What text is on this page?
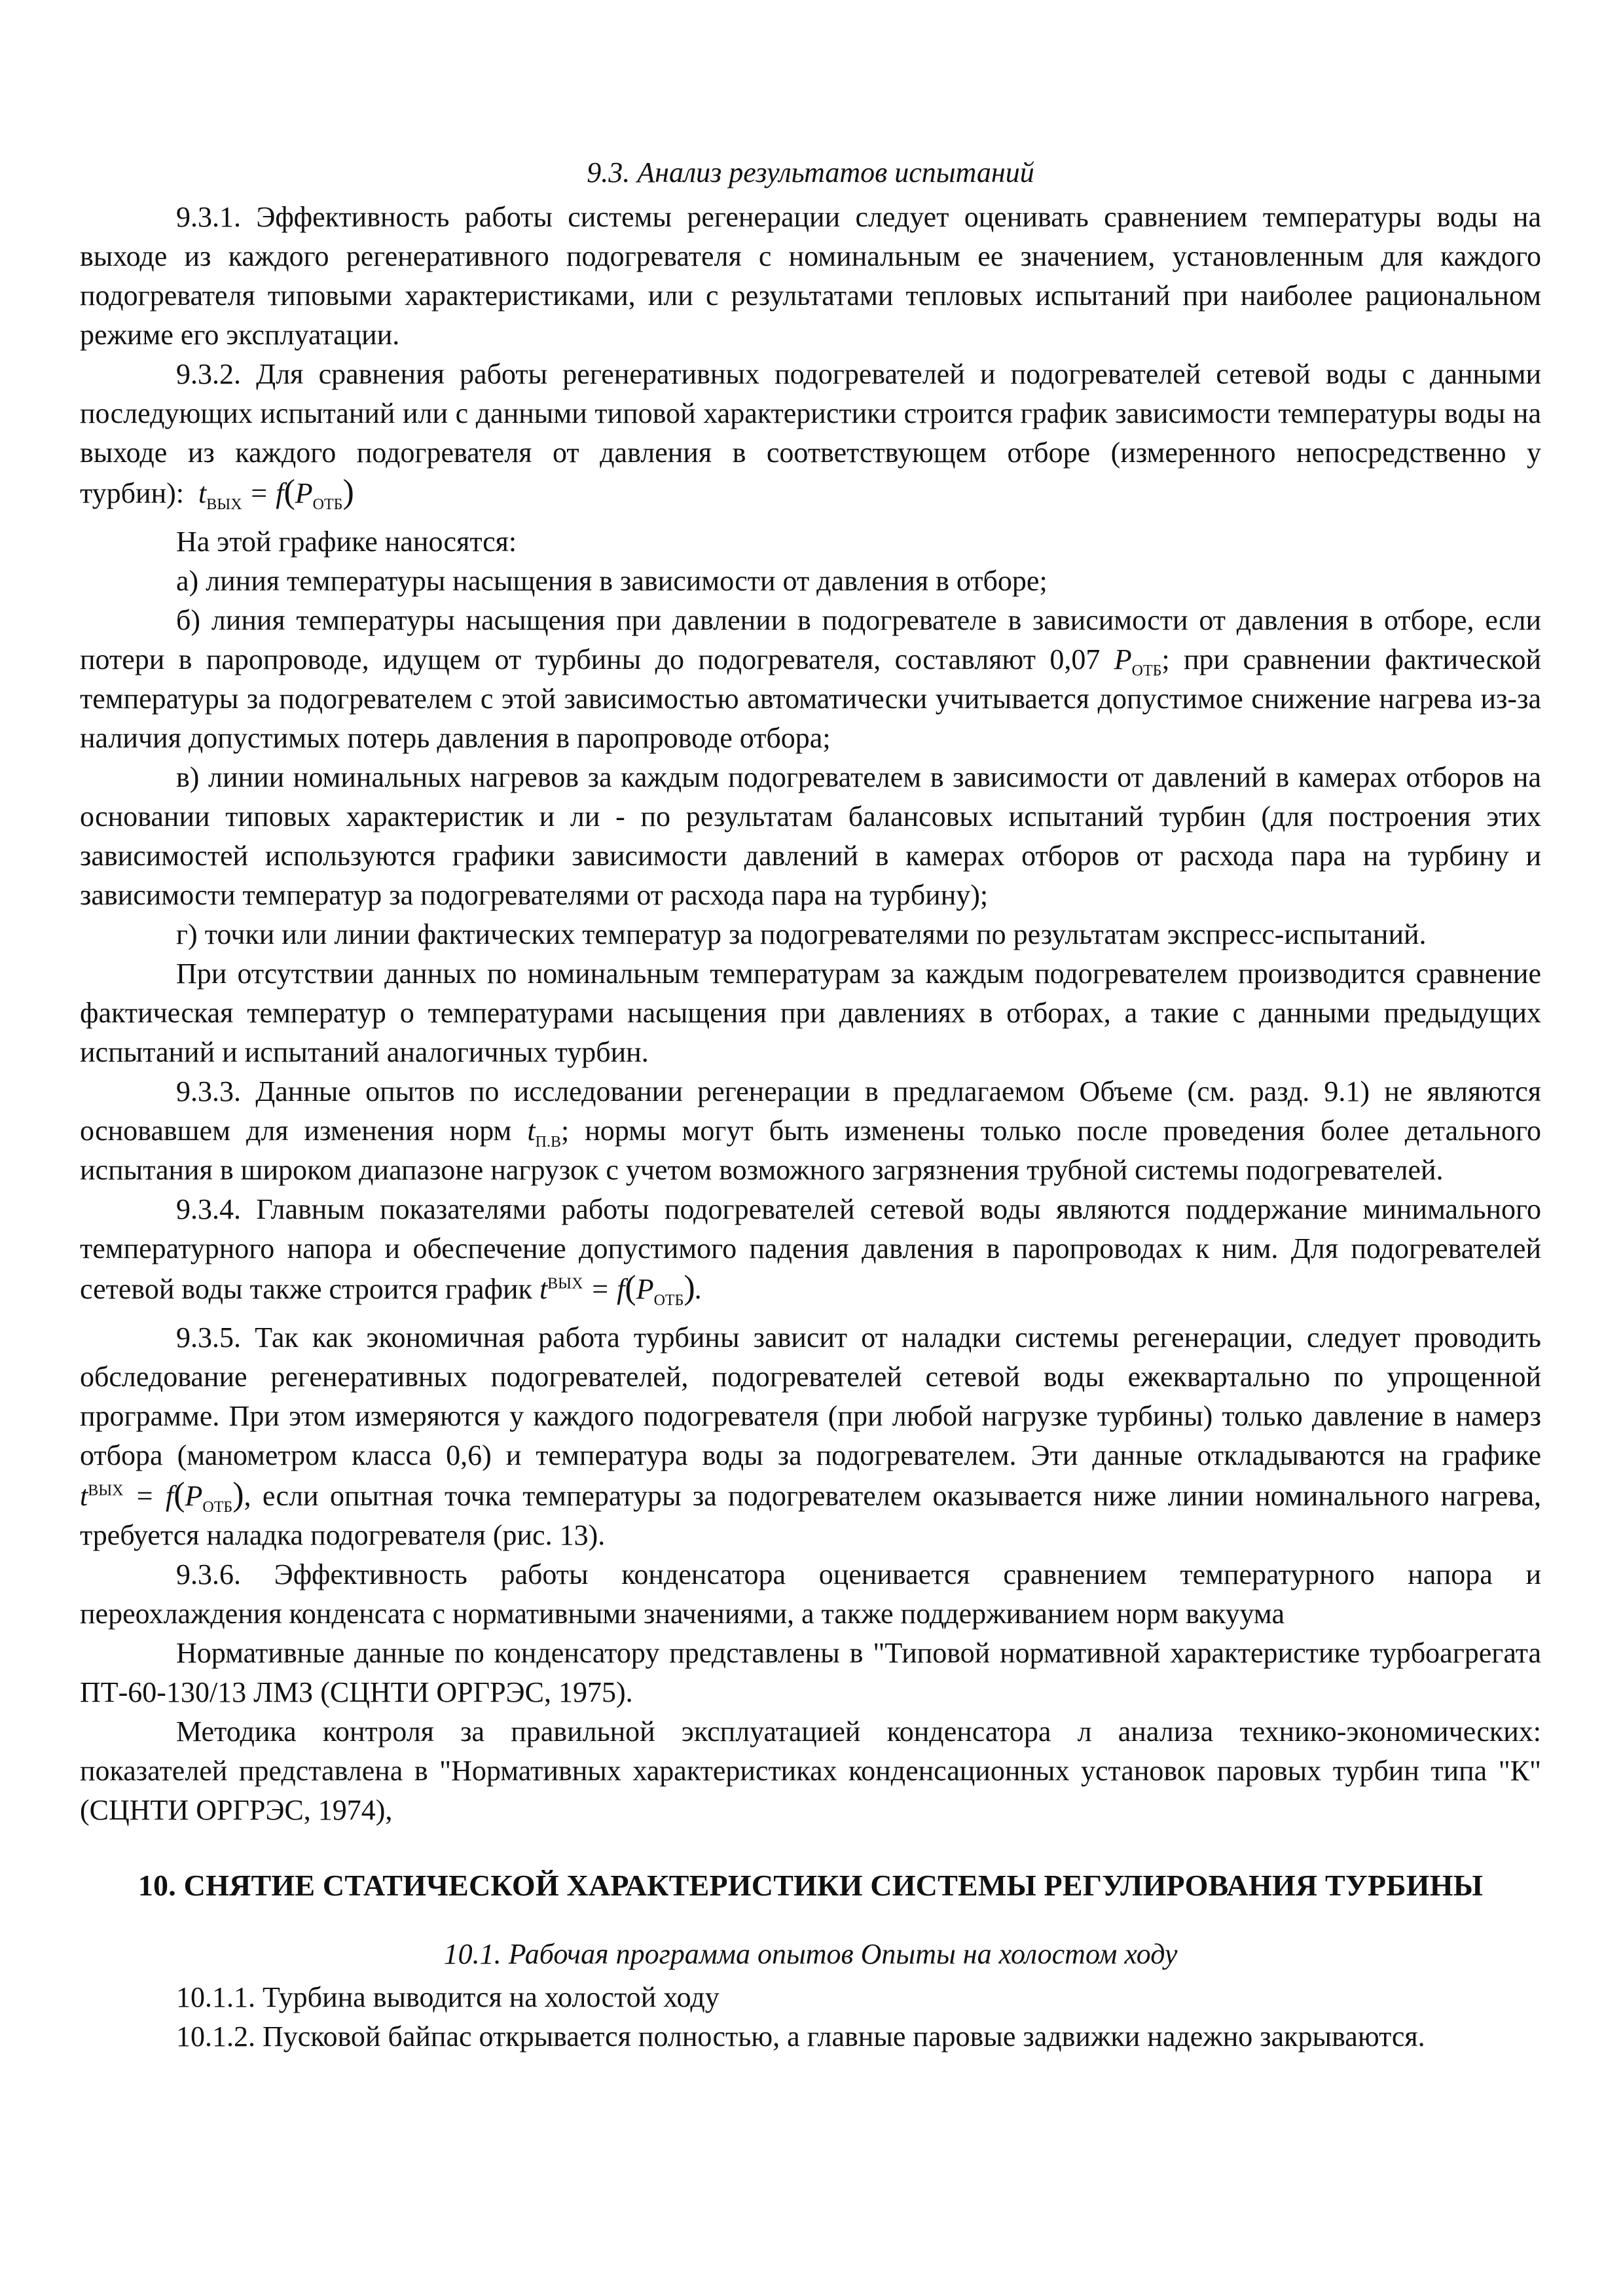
9.3. Анализ результатов испытаний

9.3.1. Эффективность работы системы регенерации следует оценивать сравнением температуры воды на выходе из каждого регенеративного подогревателя с номинальным ее значением, установленным для каждого подогревателя типовыми характеристиками, или с результатами тепловых испытаний при наиболее рациональном режиме его эксплуатации.

9.3.2. Для сравнения работы регенеративных подогревателей и подогревателей сетевой воды с данными последующих испытаний или с данными типовой характеристики строится график зависимости температуры воды на выходе из каждого подогревателя от давления в соответствующем отборе (измеренного непосредственно у турбин): $t_{ВЫХ} = f(P_{ОТБ})$

На этой графике наносятся:

а) линия температуры насыщения в зависимости от давления в отборе;

б) линия температуры насыщения при давлении в подогревателе в зависимости от давления в отборе, если потери в паропроводе, идущем от турбины до подогревателя, составляют 0,07 $P_{ОТБ}$; при сравнении фактической температуры за подогревателем с этой зависимостью автоматически учитывается допустимое снижение нагрева из-за наличия допустимых потерь давления в паропроводе отбора;

в) линии номинальных нагревов за каждым подогревателем в зависимости от давлений в камерах отборов на основании типовых характеристик и ли - по результатам балансовых испытаний турбин (для построения этих зависимостей используются графики зависимости давлений в камерах отборов от расхода пара на турбину и зависимости температур за подогревателями от расхода пара на турбину);

г) точки или линии фактических температур за подогревателями по результатам экспресс-испытаний.

При отсутствии данных по номинальным температурам за каждым подогревателем производится сравнение фактическая температур о температурами насыщения при давлениях в отборах, а такие с данными предыдущих испытаний и испытаний аналогичных турбин.

9.3.3. Данные опытов по исследовании регенерации в предлагаемом Объеме (см. разд. 9.1) не являются основавшем для изменения норм $t_{П.В}$; нормы могут быть изменены только после проведения более детального испытания в широком диапазоне нагрузок с учетом возможного загрязнения трубной системы подогревателей.

9.3.4. Главным показателями работы подогревателей сетевой воды являются поддержание минимального температурного напора и обеспечение допустимого падения давления в паропроводах к ним. Для подогревателей сетевой воды также строится график $t^{ВЫХ} = f(P_{ОТБ})$.

9.3.5. Так как экономичная работа турбины зависит от наладки системы регенерации, следует проводить обследование регенеративных подогревателей, подогревателей сетевой воды ежеквартально по упрощенной программе. При этом измеряются у каждого подогревателя (при любой нагрузке турбины) только давление в намерз отбора (манометром класса 0,6) и температура воды за подогревателем. Эти данные откладываются на графике $t^{ВЫХ} = f(P_{ОТБ})$, если опытная точка температуры за подогревателем оказывается ниже линии номинального нагрева, требуется наладка подогревателя (рис. 13).

9.3.6. Эффективность работы конденсатора оценивается сравнением температурного напора и переохлаждения конденсата с нормативными значениями, а также поддерживанием норм вакуума

Нормативные данные по конденсатору представлены в "Типовой нормативной характеристике турбоагрегата ПТ-60-130/13 ЛМЗ (СЦНТИ ОРГРЭС, 1975).

Методика контроля за правильной эксплуатацией конденсатора л анализа технико-экономических: показателей представлена в "Нормативных характеристиках конденсационных установок паровых турбин типа "К" (СЦНТИ ОРГРЭС, 1974),

10. СНЯТИЕ СТАТИЧЕСКОЙ ХАРАКТЕРИСТИКИ СИСТЕМЫ РЕГУЛИРОВАНИЯ ТУРБИНЫ
10.1. Рабочая программа опытов Опыты на холостом ходу

10.1.1. Турбина выводится на холостой ходу

10.1.2. Пусковой байпас открывается полностью, а главные паровые задвижки надежно закрываются.
